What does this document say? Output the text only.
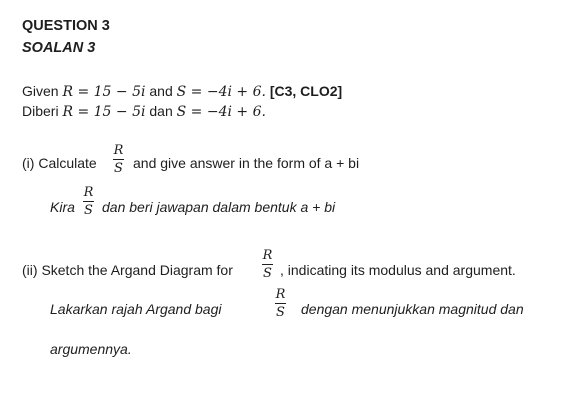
QUESTION 3
SOALAN 3
Given R = 15 − 5i and S = −4i + 6. [C3, CLO2]
Diberi R = 15 − 5i dan S = −4i + 6.
(i) Calculate
R
S and give answer in the form of a + bi
Kira
R
S dan beri jawapan dalam bentuk a + bi
(ii) Sketch the Argand Diagram for
R
S , indicating its modulus and argument.
Lakarkan rajah Argand bagi
R
S dengan menunjukkan magnitud dan
argumennya.
